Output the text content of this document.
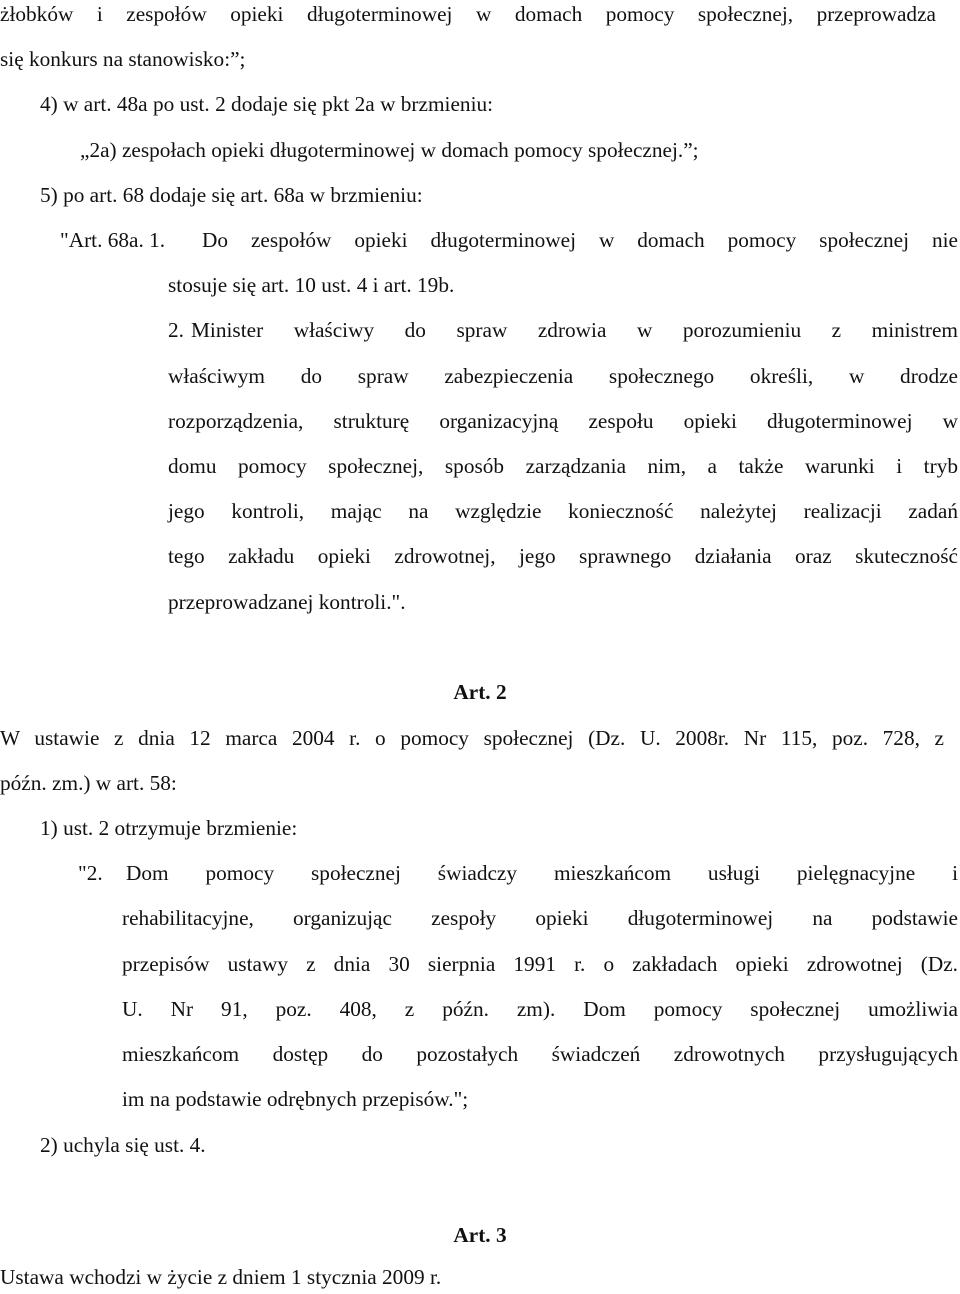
żłobków i zespołów opieki długoterminowej w domach pomocy społecznej, przeprowadza
się konkurs na stanowisko:”;
4) w art. 48a po ust. 2 dodaje się pkt 2a w brzmieniu:
„2a) zespołach opieki długoterminowej w domach pomocy społecznej.”;
5) po art. 68 dodaje się art. 68a w brzmieniu:
"Art. 68a. 1. Do zespołów opieki długoterminowej w domach pomocy społecznej nie
stosuje się art. 10 ust. 4 i art. 19b.
2. Minister właściwy do spraw zdrowia w porozumieniu z ministrem
właściwym do spraw zabezpieczenia społecznego określi, w drodze
rozporządzenia, strukturę organizacyjną zespołu opieki długoterminowej w
domu pomocy społecznej, sposób zarządzania nim, a także warunki i tryb
jego kontroli, mając na względzie konieczność należytej realizacji zadań
tego zakładu opieki zdrowotnej, jego sprawnego działania oraz skuteczność
przeprowadzanej kontroli.".
Art. 2
W ustawie z dnia 12 marca 2004 r. o pomocy społecznej (Dz. U. 2008r. Nr 115, poz. 728, z
późn. zm.) w art. 58:
1) ust. 2 otrzymuje brzmienie:
"2. Dom pomocy społecznej świadczy mieszkańcom usługi pielęgnacyjne i
rehabilitacyjne, organizując zespoły opieki długoterminowej na podstawie
przepisów ustawy z dnia 30 sierpnia 1991 r. o zakładach opieki zdrowotnej (Dz.
U. Nr 91, poz. 408, z późn. zm). Dom pomocy społecznej umożliwia
mieszkańcom dostęp do pozostałych świadczeń zdrowotnych przysługujących
im na podstawie odrębnych przepisów.";
2) uchyla się ust. 4.
Art. 3
Ustawa wchodzi w życie z dniem 1 stycznia 2009 r.
